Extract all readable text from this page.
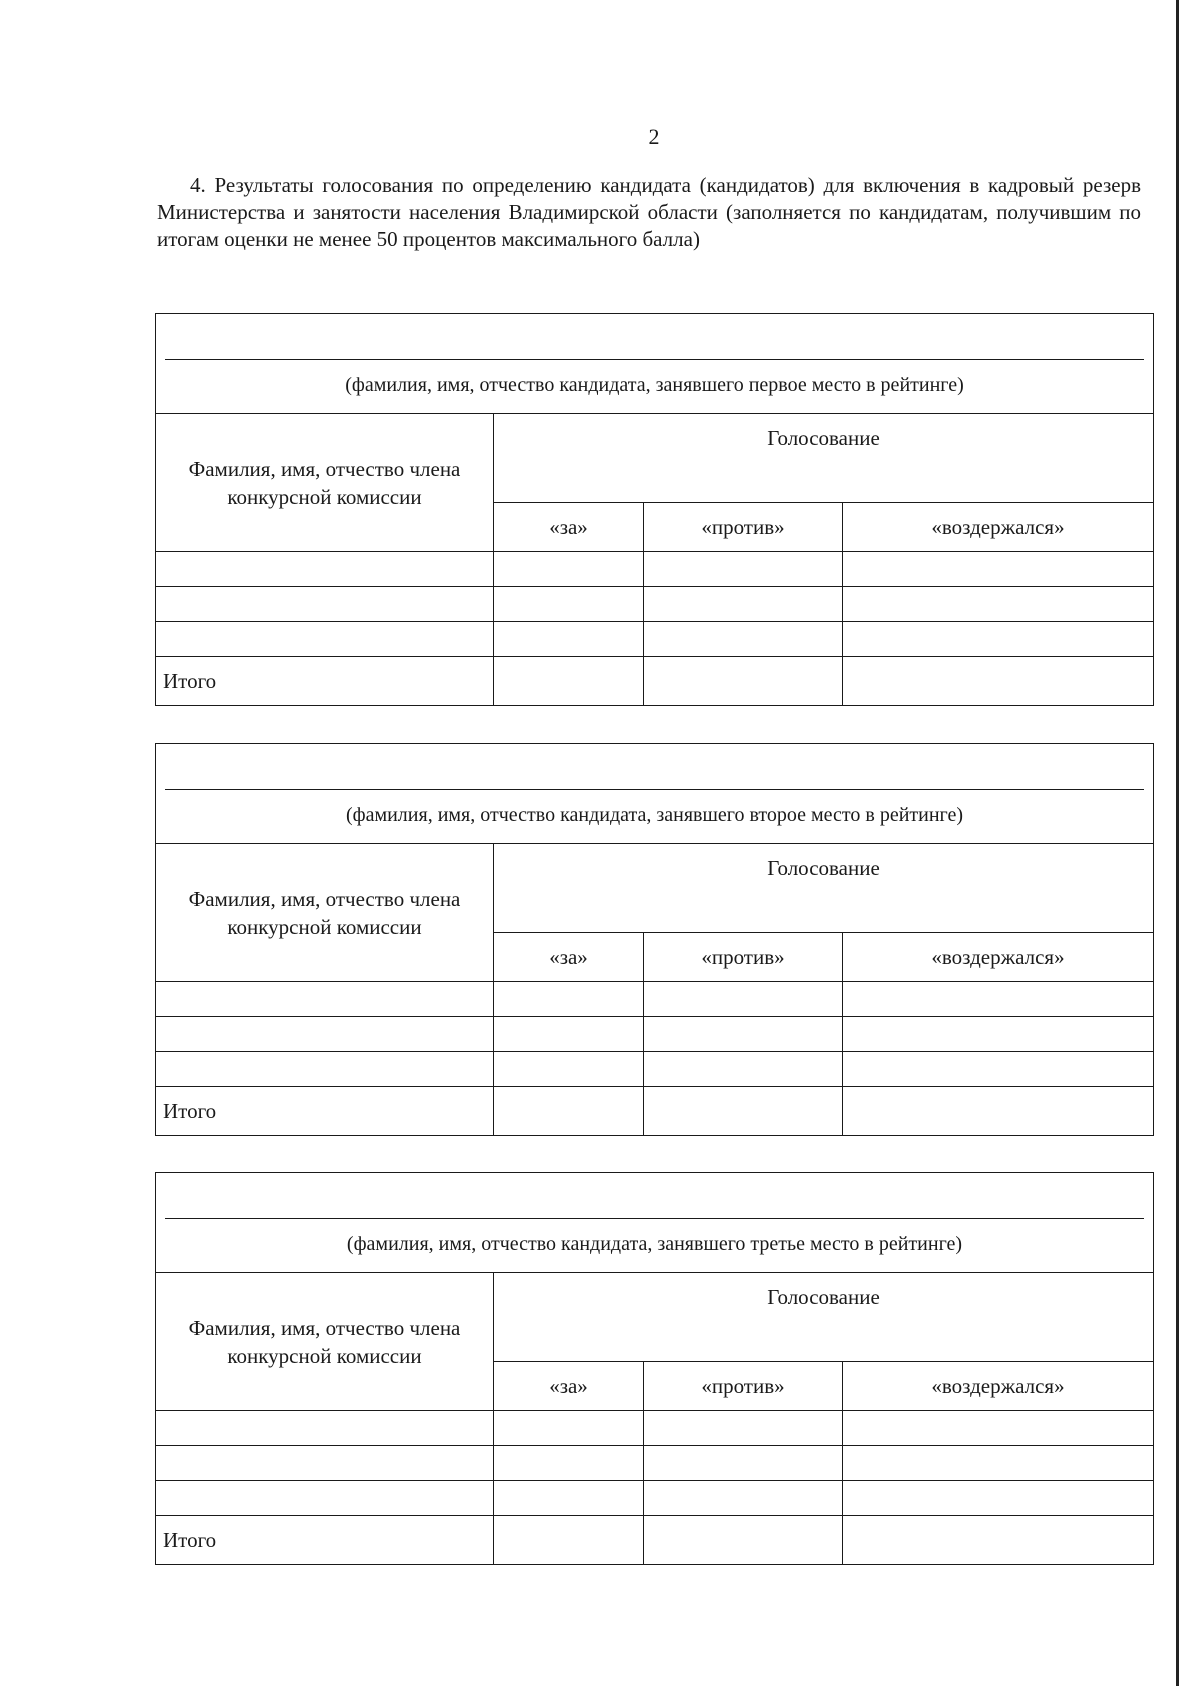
2

4. Результаты голосования по определению кандидата (кандидатов) для включения в кадровый резерв Министерства и занятости населения Владимирской области (заполняется по кандидатам, получившим по итогам оценки не менее 50 процентов максимального балла)

(фамилия, имя, отчество кандидата, занявшего первое место в рейтинге)			

Фамилия, имя, отчество члена конкурсной комиссии	Голосование		
	«за»	«против»	«воздержался»

Итого			
(фамилия, имя, отчество кандидата, занявшего второе место в рейтинге)			

Фамилия, имя, отчество члена конкурсной комиссии	Голосование		
	«за»	«против»	«воздержался»

Итого			
(фамилия, имя, отчество кандидата, занявшего третье место в рейтинге)			

Фамилия, имя, отчество члена конкурсной комиссии	Голосование		
	«за»	«против»	«воздержался»

Итого			
